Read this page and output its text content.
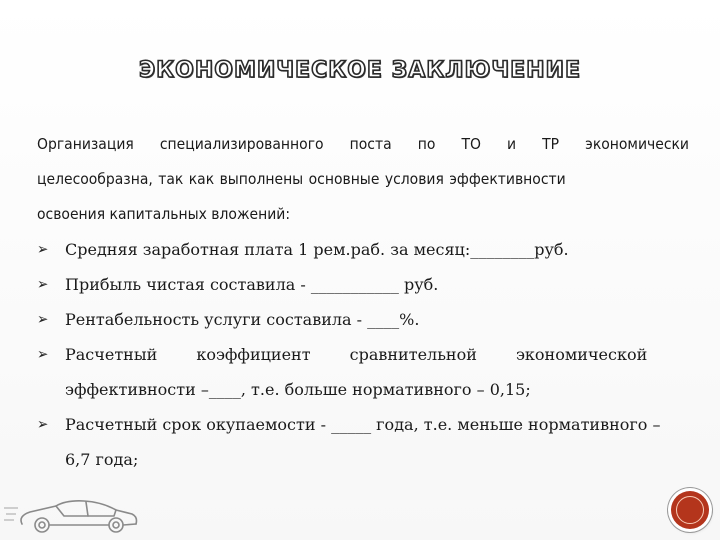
ЭКОНОМИЧЕСКОЕ ЗАКЛЮЧЕНИЕ
Организация специализированного поста по ТО и ТР экономически
целесообразна, так как выполнены основные условия эффективности
освоения капитальных вложений:
➢ Средняя заработная плата 1 рем.раб. за месяц:________руб.
➢ Прибыль чистая составила - ___________ руб.
➢ Рентабельность услуги составила - ____%.
➢ Расчетный коэффициент сравнительной экономической
эффективности –____, т.е. больше нормативного – 0,15;
➢ Расчетный срок окупаемости - _____ года, т.е. меньше нормативного –
6,7 года;
